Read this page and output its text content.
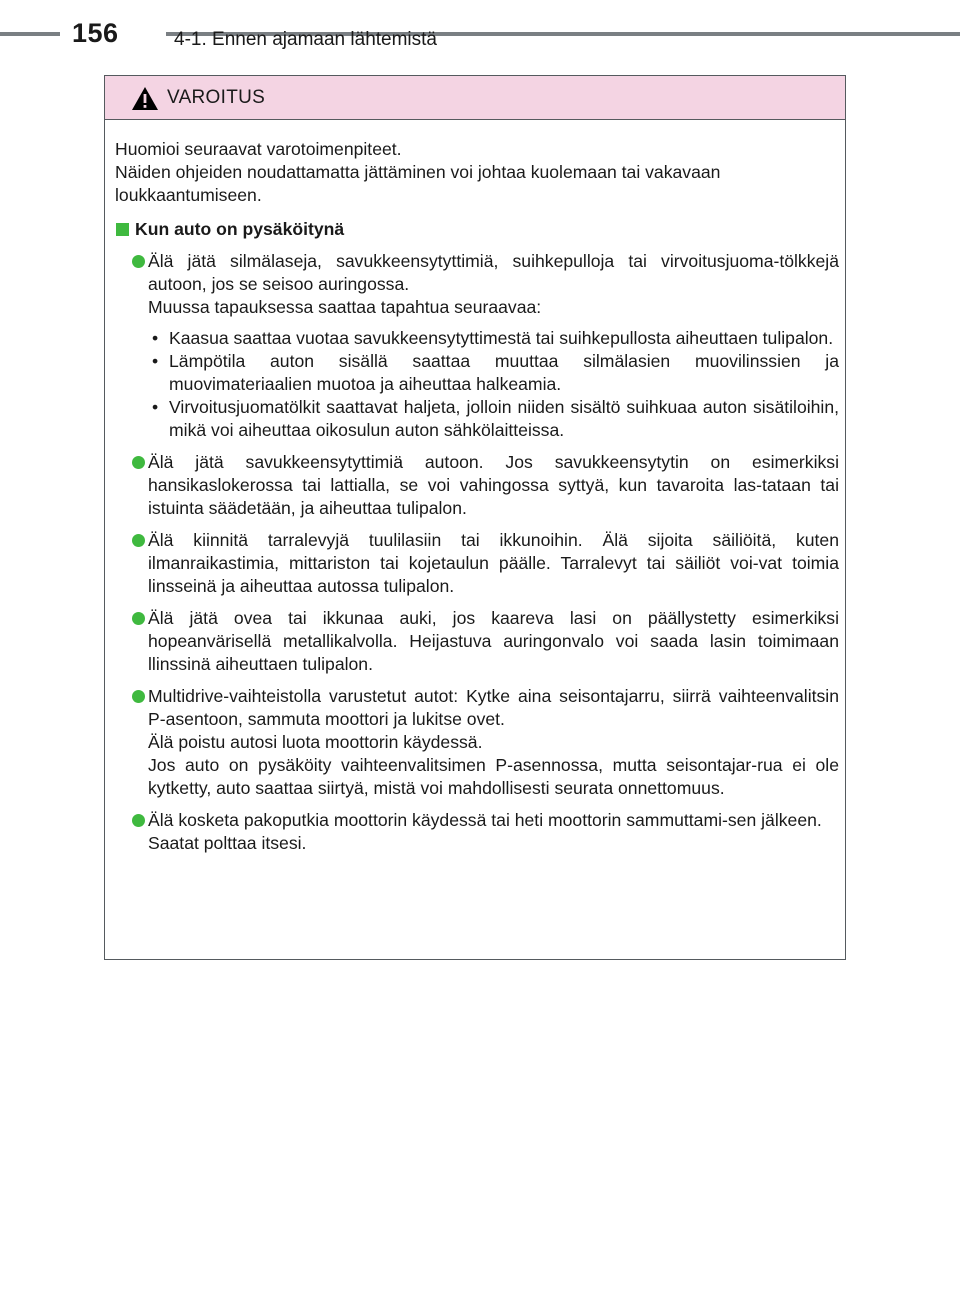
156	4-1. Ennen ajamaan lähtemistä
VAROITUS

Huomioi seuraavat varotoimenpiteet.

Näiden ohjeiden noudattamatta jättäminen voi johtaa kuolemaan tai vakavaan loukkaantumiseen.

Kun auto on pysäköitynä

Älä jätä silmälaseja, savukkeensytyttimiä, suihkepulloja tai virvoitusjuoma-tölkkejä autoon, jos se seisoo auringossa.

Muussa tapauksessa saattaa tapahtua seuraavaa:

• Kaasua saattaa vuotaa savukkeensytyttimestä tai suihkepullosta aiheuttaen tulipalon.
• Lämpötila auton sisällä saattaa muuttaa silmälasien muovilinssien ja muovimateriaalien muotoa ja aiheuttaa halkeamia.
• Virvoitusjuomatölkit saattavat haljeta, jolloin niiden sisältö suihkuaa auton sisätiloihin, mikä voi aiheuttaa oikosulun auton sähkölaitteissa.

Älä jätä savukkeensytyttimiä autoon. Jos savukkeensytytin on esimerkiksi hansikaslokerossa tai lattialla, se voi vahingossa syttyä, kun tavaroita las-tataan tai istuinta säädetään, ja aiheuttaa tulipalon.

Älä kiinnitä tarralevyjä tuulilasiin tai ikkunoihin. Älä sijoita säiliöitä, kuten ilmanraikastimia, mittariston tai kojetaulun päälle. Tarralevyt tai säiliöt voi-vat toimia linsseinä ja aiheuttaa autossa tulipalon.

Älä jätä ovea tai ikkunaa auki, jos kaareva lasi on päällystetty esimerkiksi hopeanvärisellä metallikalvolla. Heijastuva auringonvalo voi saada lasin toimimaan llinssinä aiheuttaen tulipalon.

Multidrive-vaihteistolla varustetut autot: Kytke aina seisontajarru, siirrä vaihteenvalitsin P-asentoon, sammuta moottori ja lukitse ovet.

Älä poistu autosi luota moottorin käydessä.

Jos auto on pysäköity vaihteenvalitsimen P-asennossa, mutta seisontajar-rua ei ole kytketty, auto saattaa siirtyä, mistä voi mahdollisesti seurata onnettomuus.

Älä kosketa pakoputkia moottorin käydessä tai heti moottorin sammuttami-sen jälkeen.

Saatat polttaa itsesi.
